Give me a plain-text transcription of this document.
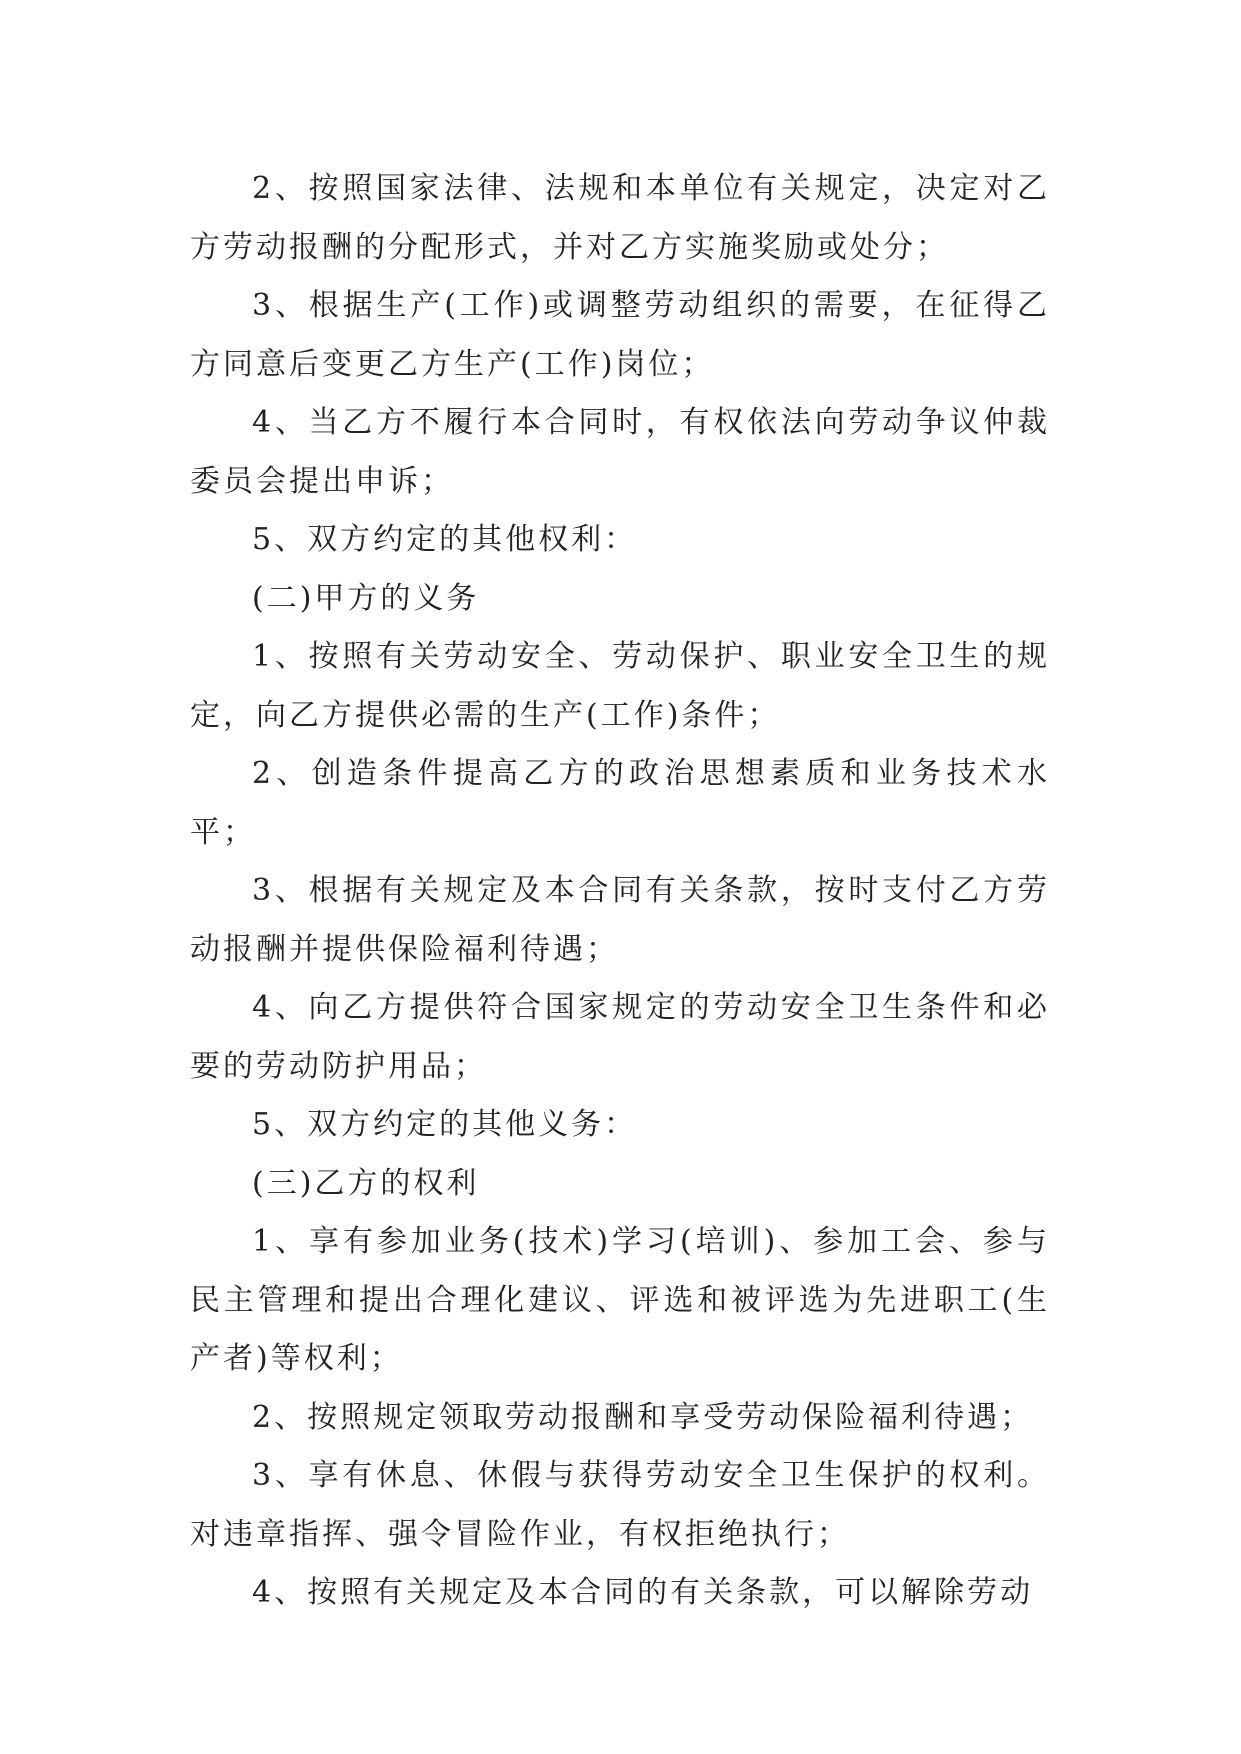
2、按照国家法律、法规和本单位有关规定，决定对乙方劳动报酬的分配形式，并对乙方实施奖励或处分；

3、根据生产(工作)或调整劳动组织的需要，在征得乙方同意后变更乙方生产(工作)岗位；

4、当乙方不履行本合同时，有权依法向劳动争议仲裁委员会提出申诉；

5、双方约定的其他权利：

(二)甲方的义务

1、按照有关劳动安全、劳动保护、职业安全卫生的规定，向乙方提供必需的生产(工作)条件；

2、创造条件提高乙方的政治思想素质和业务技术水平；

3、根据有关规定及本合同有关条款，按时支付乙方劳动报酬并提供保险福利待遇；

4、向乙方提供符合国家规定的劳动安全卫生条件和必要的劳动防护用品；

5、双方约定的其他义务：

(三)乙方的权利

1、享有参加业务(技术)学习(培训)、参加工会、参与民主管理和提出合理化建议、评选和被评选为先进职工(生产者)等权利；

2、按照规定领取劳动报酬和享受劳动保险福利待遇；

3、享有休息、休假与获得劳动安全卫生保护的权利。对违章指挥、强令冒险作业，有权拒绝执行；

4、按照有关规定及本合同的有关条款，可以解除劳动
